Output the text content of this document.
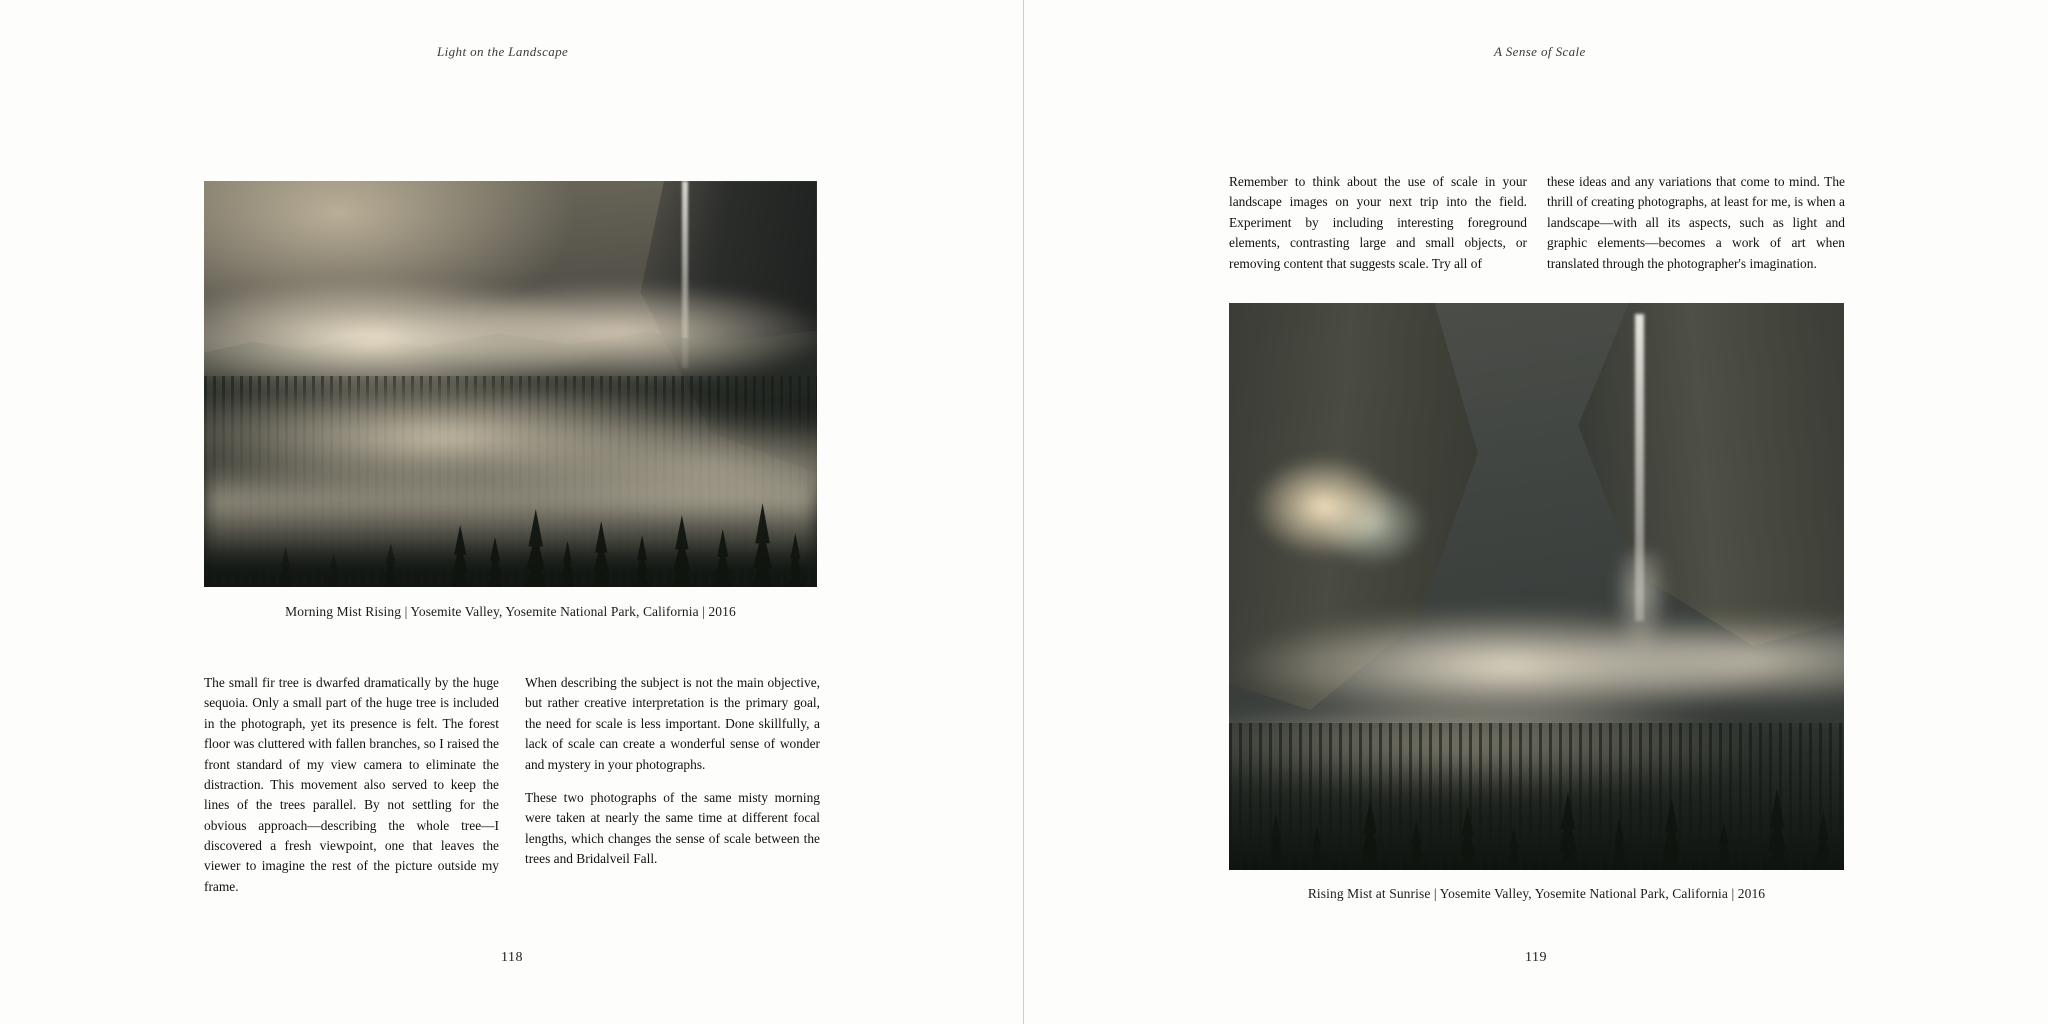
Light on the Landscape
Morning Mist Rising | Yosemite Valley, Yosemite National Park, California | 2016

The small fir tree is dwarfed dramatically by the huge sequoia. Only a small part of the huge tree is included in the photograph, yet its presence is felt. The forest floor was cluttered with fallen branches, so I raised the front standard of my view camera to eliminate the distraction. This movement also served to keep the lines of the trees parallel. By not settling for the obvious approach—describing the whole tree—I discovered a fresh viewpoint, one that leaves the viewer to imagine the rest of the picture outside my frame.

When describing the subject is not the main objective, but rather creative interpretation is the primary goal, the need for scale is less important. Done skillfully, a lack of scale can create a wonderful sense of wonder and mystery in your photographs.

These two photographs of the same misty morning were taken at nearly the same time at different focal lengths, which changes the sense of scale between the trees and Bridalveil Fall.

118
A Sense of Scale

Remember to think about the use of scale in your landscape images on your next trip into the field. Experiment by including interesting foreground elements, contrasting large and small objects, or removing content that suggests scale. Try all of

these ideas and any variations that come to mind. The thrill of creating photographs, at least for me, is when a landscape—with all its aspects, such as light and graphic elements—becomes a work of art when translated through the photographer's imagination.

Rising Mist at Sunrise | Yosemite Valley, Yosemite National Park, California | 2016
119
